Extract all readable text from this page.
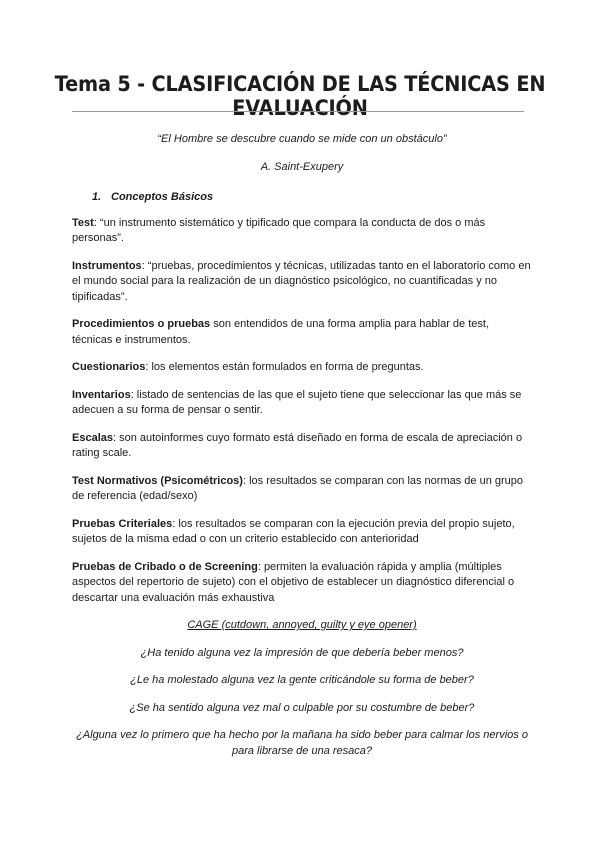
Tema 5 - CLASIFICACIÓN DE LAS TÉCNICAS EN EVALUACIÓN

“El Hombre se descubre cuando se mide con un obstáculo”

A. Saint-Exupery

1. Conceptos Básicos

Test: “un instrumento sistemático y tipificado que compara la conducta de dos o más personas”.

Instrumentos: “pruebas, procedimientos y técnicas, utilizadas tanto en el laboratorio como en el mundo social para la realización de un diagnóstico psicológico, no cuantificadas y no tipificadas”.

Procedimientos o pruebas son entendidos de una forma amplia para hablar de test, técnicas e instrumentos.

Cuestionarios: los elementos están formulados en forma de preguntas.

Inventarios: listado de sentencias de las que el sujeto tiene que seleccionar las que más se adecuen a su forma de pensar o sentir.

Escalas: son autoinformes cuyo formato está diseñado en forma de escala de apreciación o rating scale.

Test Normativos (Psicométricos): los resultados se comparan con las normas de un grupo de referencia (edad/sexo)

Pruebas Criteriales: los resultados se comparan con la ejecución previa del propio sujeto, sujetos de la misma edad o con un criterio establecido con anterioridad

Pruebas de Cribado o de Screening: permiten la evaluación rápida y amplia (múltiples aspectos del repertorio de sujeto) con el objetivo de establecer un diagnóstico diferencial o descartar una evaluación más exhaustiva

CAGE (cutdown, annoyed, guilty y eye opener)

¿Ha tenido alguna vez la impresión de que debería beber menos?

¿Le ha molestado alguna vez la gente criticándole su forma de beber?

¿Se ha sentido alguna vez mal o culpable por su costumbre de beber?

¿Alguna vez lo primero que ha hecho por la mañana ha sido beber para calmar los nervios o para librarse de una resaca?
